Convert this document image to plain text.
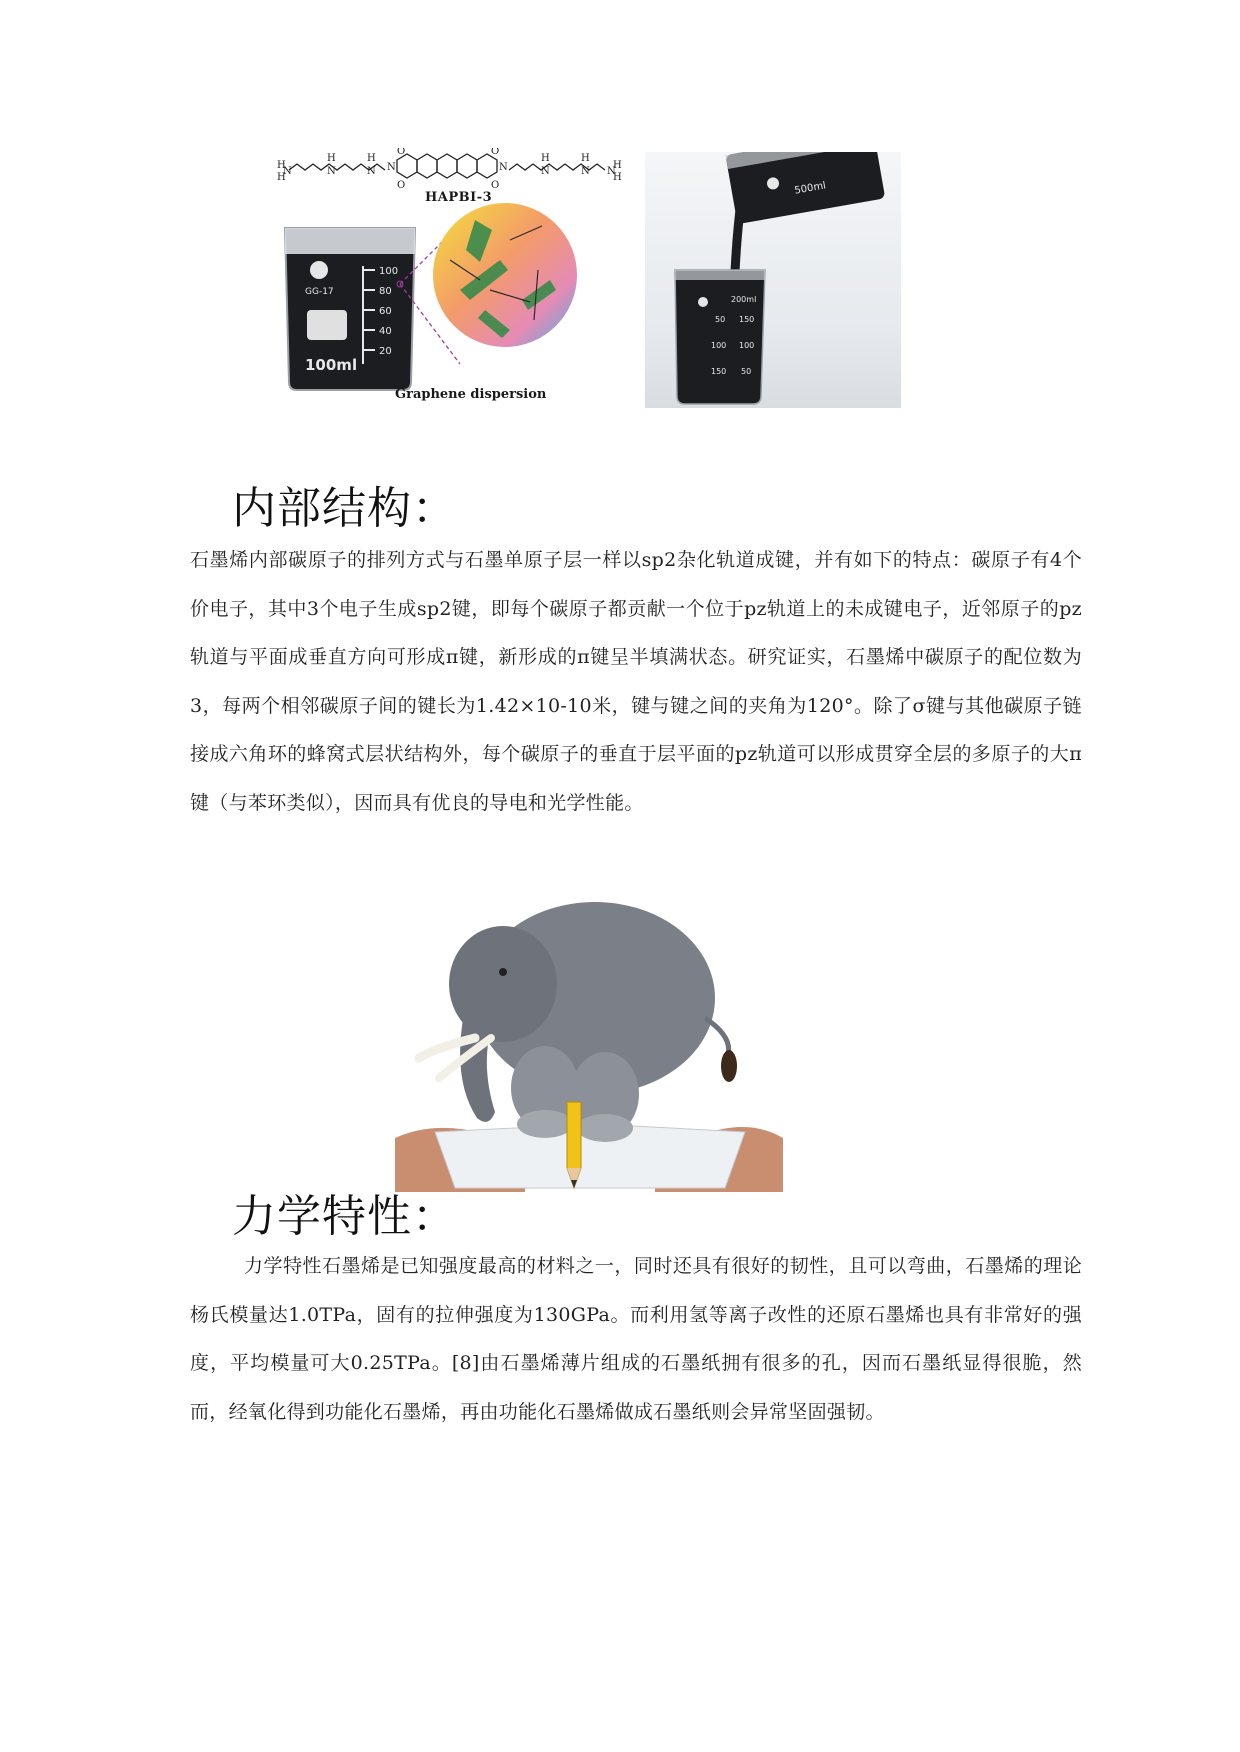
H
H
N
H
N
H
N N	N
H
N
H
N
H
H
N
O	O
O	O
HAPBI-3
100
80
60
40
20
GG-17
100ml
Graphene dispersion
500ml
200ml
50
100
150
150
100
50
内部结构：

石墨烯内部碳原子的排列方式与石墨单原子层一样以sp2杂化轨道成键，并有如下的特点：碳原子有4个价电子，其中3个电子生成sp2键，即每个碳原子都贡献一个位于pz轨道上的未成键电子，近邻原子的pz轨道与平面成垂直方向可形成π键，新形成的π键呈半填满状态。研究证实，石墨烯中碳原子的配位数为3，每两个相邻碳原子间的键长为1.42×10-10米，键与键之间的夹角为120°。除了σ键与其他碳原子链接成六角环的蜂窝式层状结构外，每个碳原子的垂直于层平面的pz轨道可以形成贯穿全层的多原子的大π键（与苯环类似），因而具有优良的导电和光学性能。

力学特性：

力学特性石墨烯是已知强度最高的材料之一，同时还具有很好的韧性，且可以弯曲，石墨烯的理论杨氏模量达1.0TPa，固有的拉伸强度为130GPa。而利用氢等离子改性的还原石墨烯也具有非常好的强度，平均模量可大0.25TPa。[8]由石墨烯薄片组成的石墨纸拥有很多的孔，因而石墨纸显得很脆，然而，经氧化得到功能化石墨烯，再由功能化石墨烯做成石墨纸则会异常坚固强韧。
